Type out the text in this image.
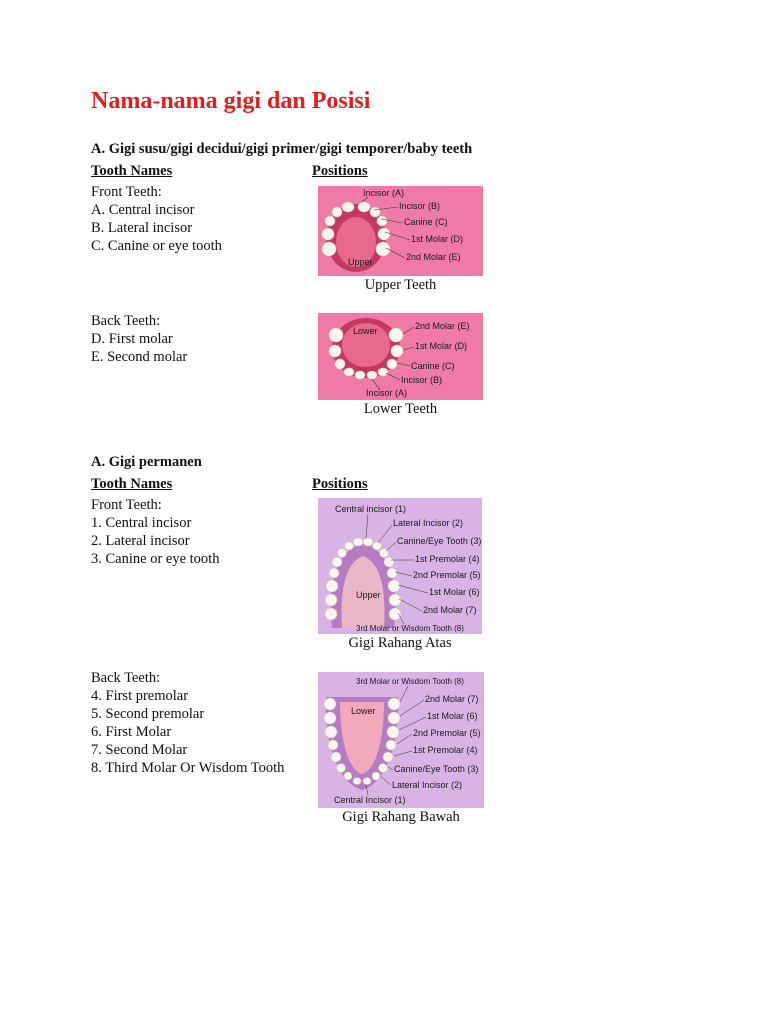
Nama-nama gigi dan Posisi
A. Gigi susu/gigi decidui/gigi primer/gigi temporer/baby teeth
Tooth Names	Positions
Front Teeth:
A. Central incisor
B. Lateral incisor
C. Canine or eye tooth
Back Teeth:
D. First molar
E. Second molar
Incisor (A)
Incisor (B)
Canine (C)
1st Molar (D)
2nd Molar (E)
Upper
Upper Teeth
Lower	2nd Molar (E)
1st Molar (D)
Canine (C)
Incisor (B)
Incisor (A)
Lower Teeth
A. Gigi permanen
Tooth Names	Positions
Front Teeth:
1. Central incisor
2. Lateral incisor
3. Canine or eye tooth
Back Teeth:
4. First premolar
5. Second premolar
6. First Molar
7. Second Molar
8. Third Molar Or Wisdom Tooth
Central incisor (1)
Lateral Incisor (2)
Canine/Eye Tooth (3)
1st Premolar (4)
2nd Premolar (5)
1st Molar (6)
2nd Molar (7)
Upper
3rd Molar or Wisdom Tooth (8)
Gigi Rahang Atas
3rd Molar or Wisdom Tooth (8)
2nd Molar (7)
1st Molar (6)
2nd Premolar (5)
1st Premolar (4)
Canine/Eye Tooth (3)
Lateral Incisor (2)
Central Incisor (1)
Lower
Gigi Rahang Bawah
